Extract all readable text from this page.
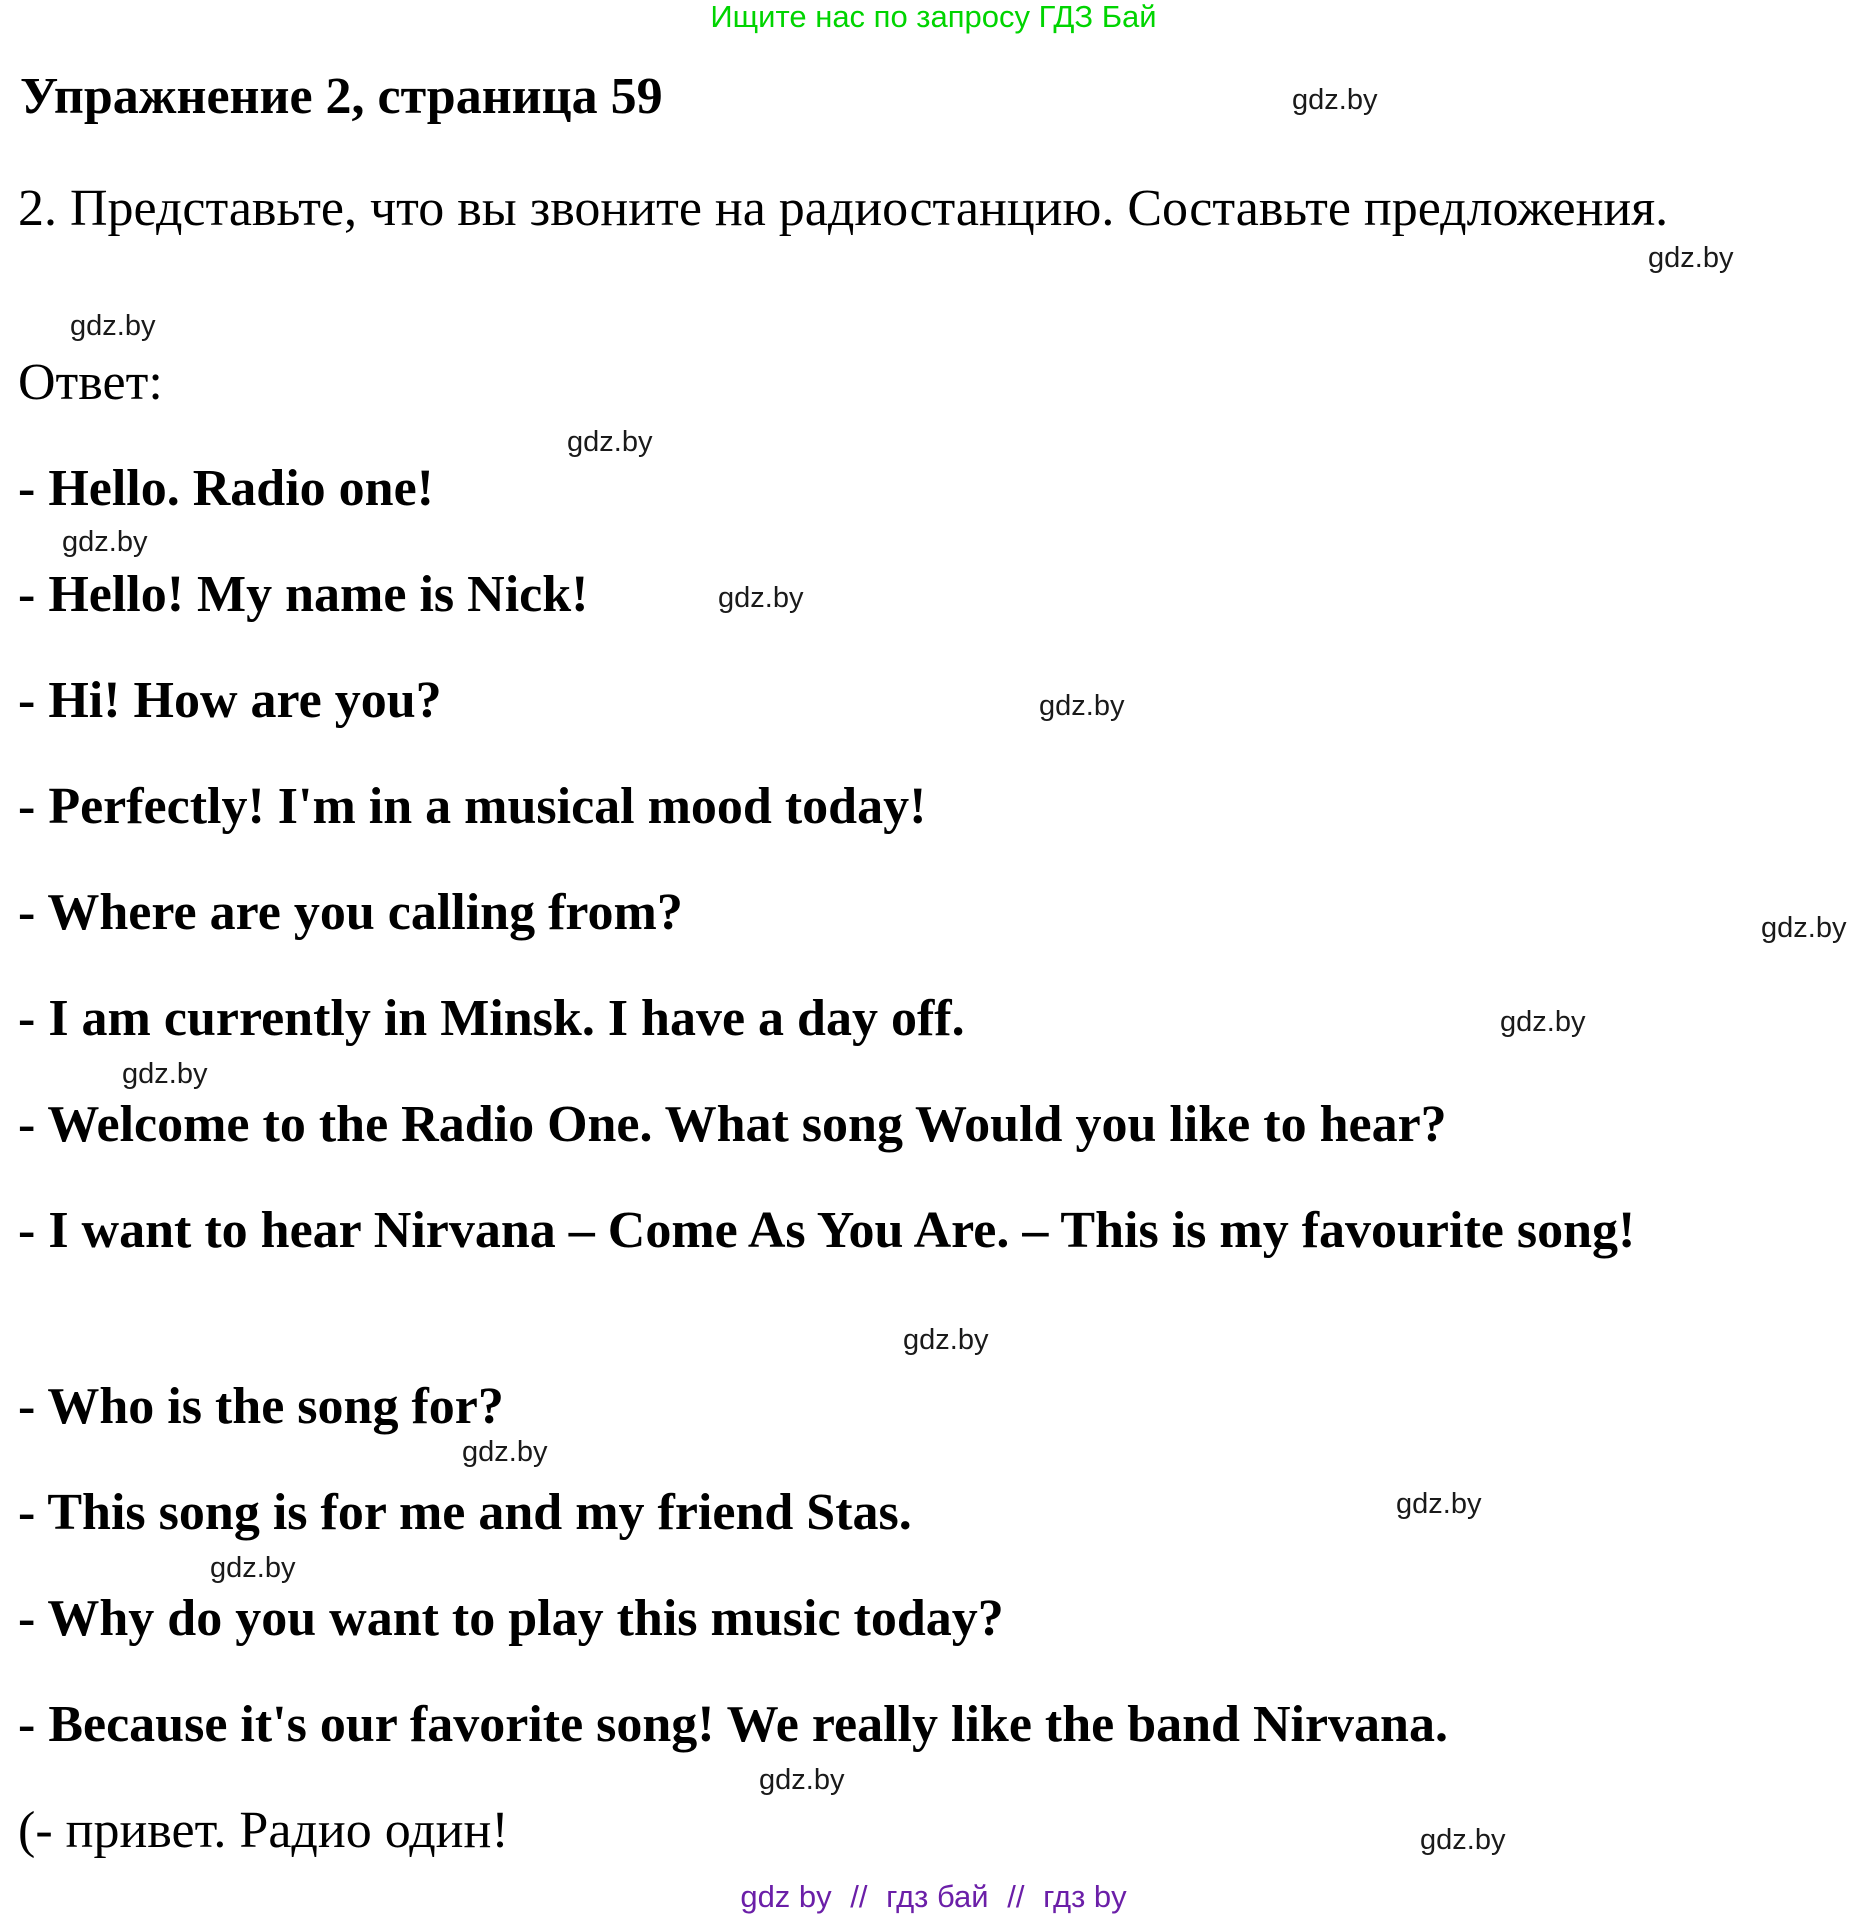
Ищите нас по запросу ГДЗ Бай
Упражнение 2, страница 59
2. Представьте, что вы звоните на радиостанцию. Составьте предложения.
Ответ:
- Hello. Radio one!
- Hello! My name is Nick!
- Hi! How are you?
- Perfectly! I'm in a musical mood today!
- Where are you calling from?
- I am currently in Minsk. I have a day off.
- Welcome to the Radio One. What song Would you like to hear?
- I want to hear Nirvana – Come As You Are. – This is my favourite song!
- Who is the song for?
- This song is for me and my friend Stas.
- Why do you want to play this music today?
- Because it's our favorite song! We really like the band Nirvana.
(- привет. Радио один!
gdz.by
gdz.by
gdz.by
gdz.by
gdz.by
gdz.by
gdz.by
gdz.by
gdz.by
gdz.by
gdz.by
gdz.by
gdz.by
gdz.by
gdz.by
gdz.by
gdz by // гдз бай // гдз by
